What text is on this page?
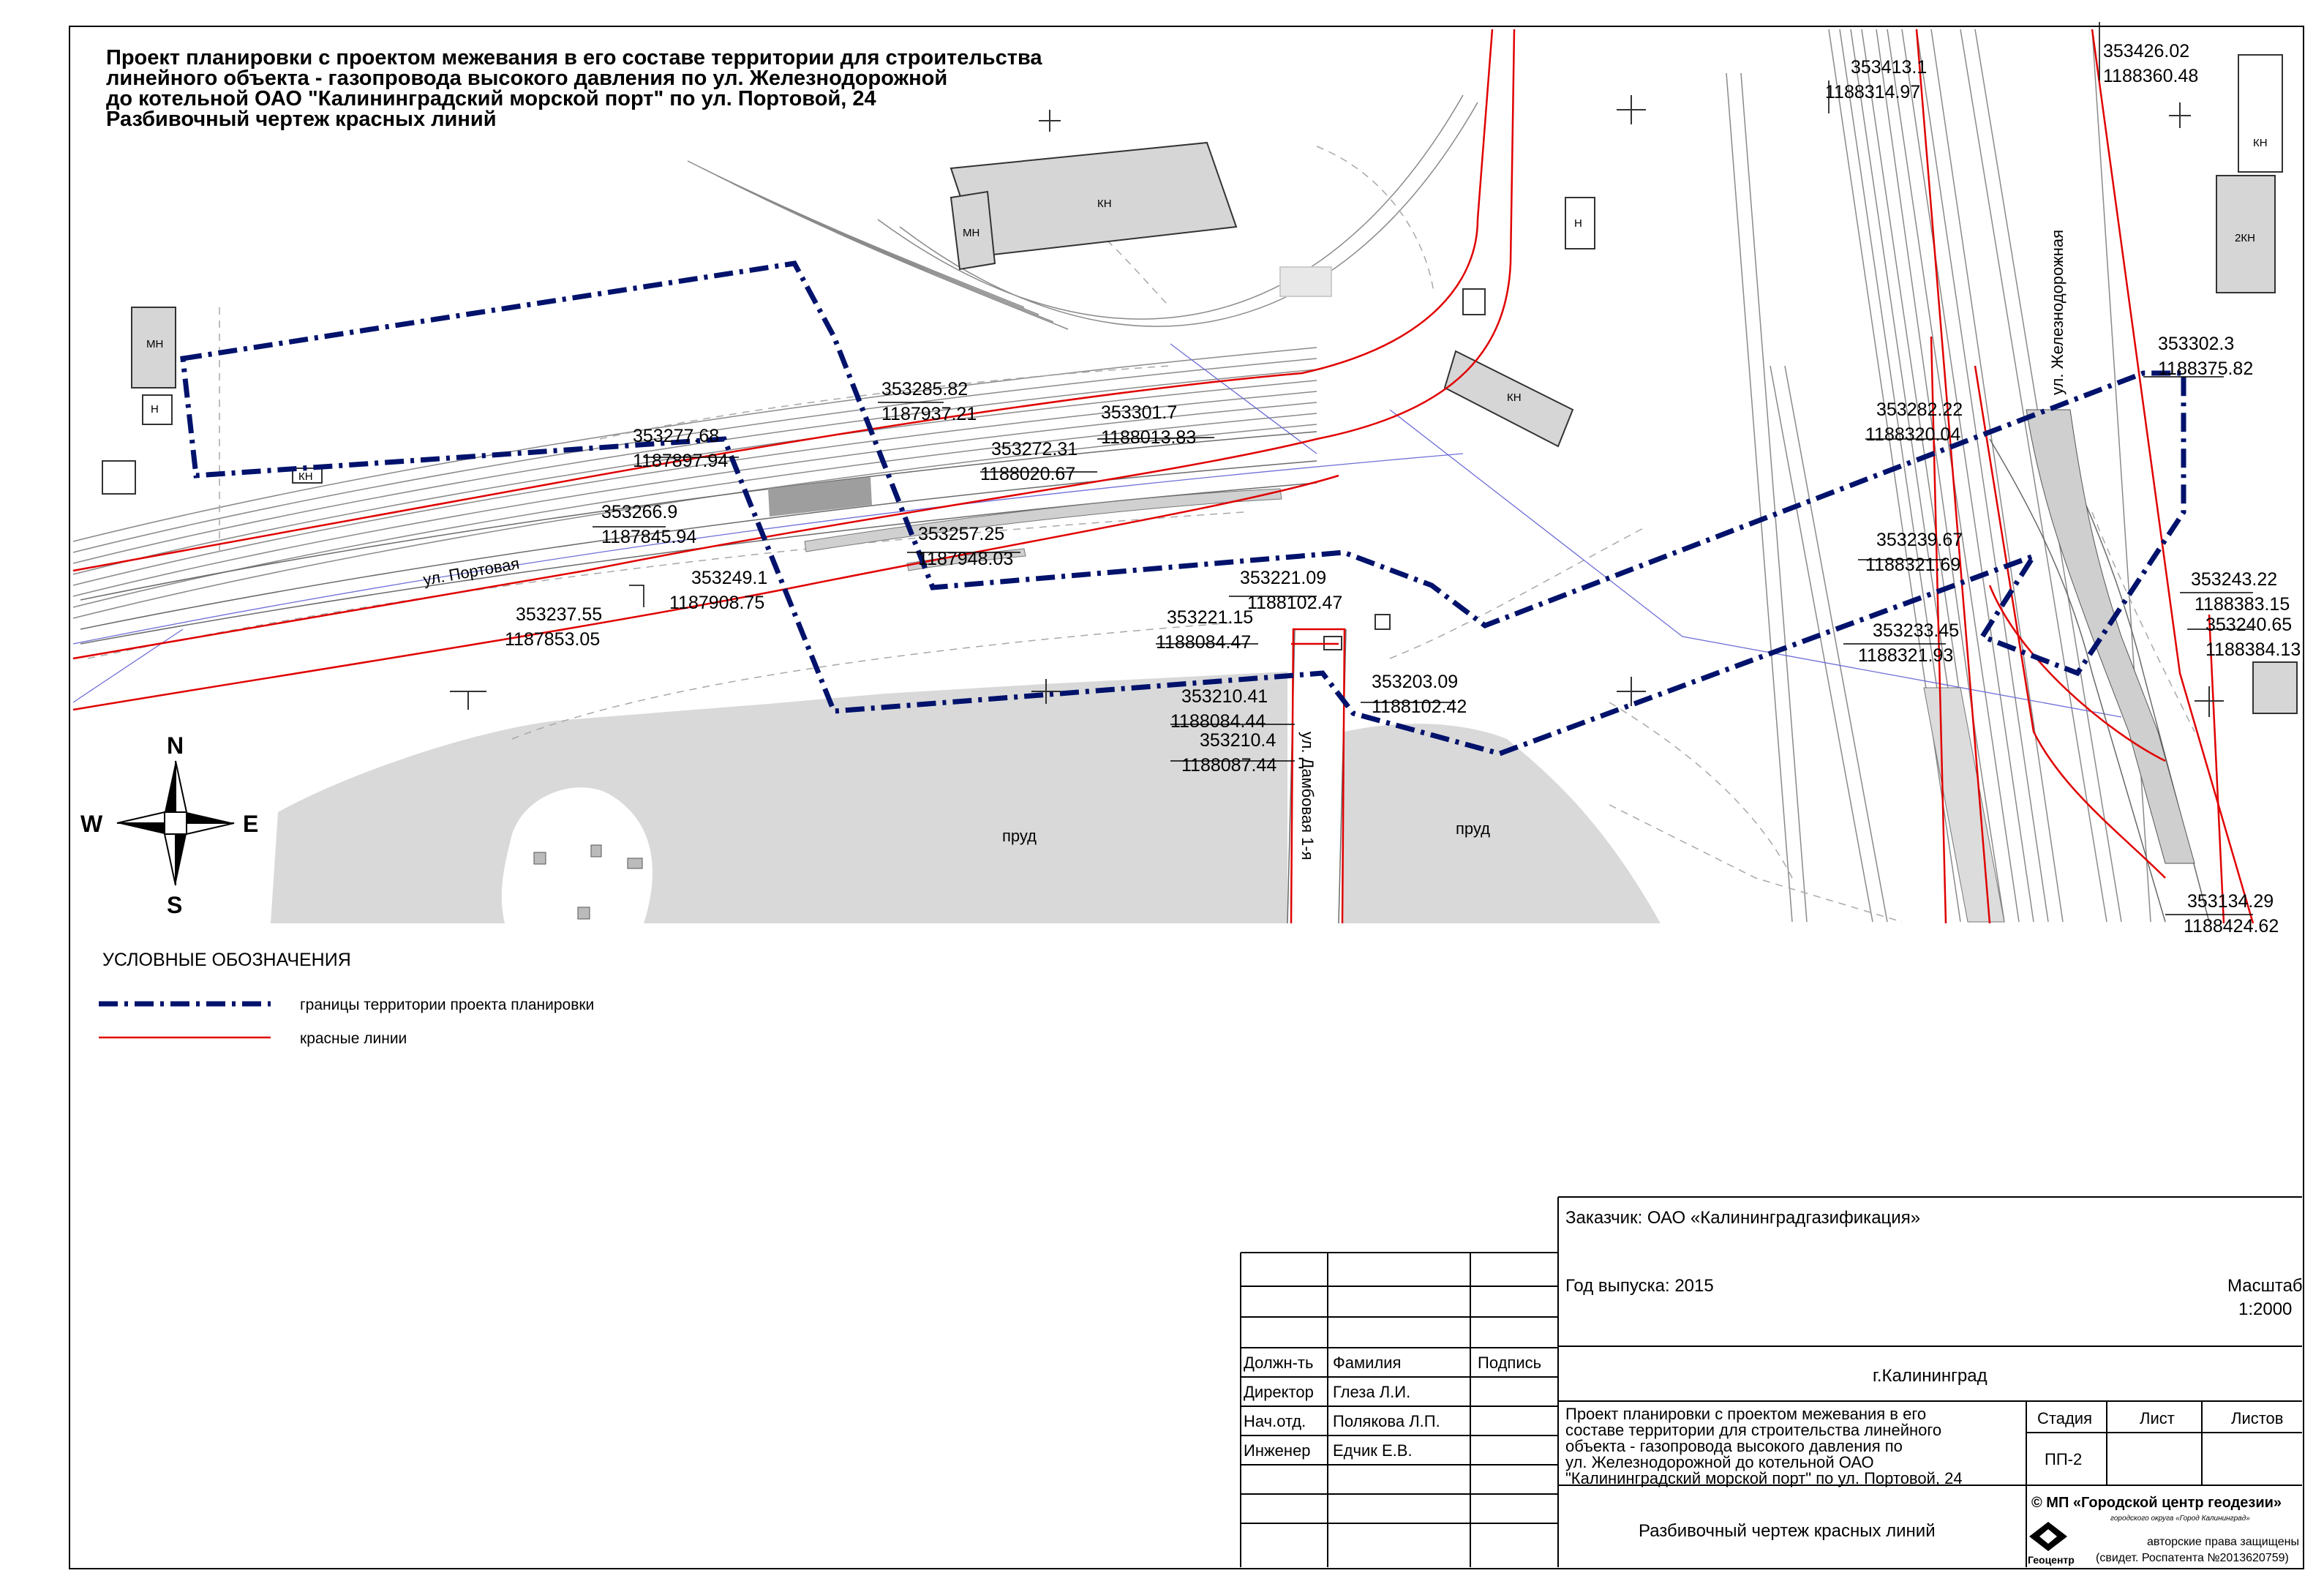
КН
МН
МН
Н
КН
Н
КН
2КН
КН
ул. Портовая
ул. Железнодорожная
ул. Дамбовая 1-я
пруд	пруд
Проект планировки с проектом межевания в его составе территории для строительства
линейного объекта - газопровода высокого давления по ул. Железнодорожной
до котельной ОАО "Калининградский морской порт" по ул. Портовой, 24
Разбивочный чертеж красных линий
353413.1
1188314.97
353426.02
1188360.48
353285.82
1187937.21	353301.7
1188013.83
353277.68
1187897.94
353272.31
1188020.67
353266.9
1187845.94	353257.25
1187948.03
353249.1
1187908.75
353237.55
1187853.05
353221.09
1188102.47
353221.15
1188084.47
353210.41
1188084.44
353210.4
1188087.44
353203.09
1188102.42
353282.22
1188320.04
353239.67
1188321.69
353233.45
1188321.93
353302.3
1188375.82
353243.22
1188383.15
353240.65
1188384.13
353134.29
1188424.62
N
S
W	E
УСЛОВНЫЕ ОБОЗНАЧЕНИЯ
границы территории проекта планировки
красные линии
Заказчик: ОАО «Калининградгазификация»
Год выпуска: 2015	Масштаб
1:2000
Должн-ть Фамилия	Подпись
Директор Глеза Л.И.
Нач.отд. Полякова Л.П.
Инженер Едчик Е.В.
г.Калининград
Проект планировки с проектом межевания в его
составе территории для строительства линейного
объекта - газопровода высокого давления по
ул. Железнодорожной до котельной ОАО
"Калининградский морской порт" по ул. Портовой, 24
Стадия	Лист	Листов
ПП-2
Разбивочный чертеж красных линий
© МП «Городской центр геодезии»
городского округа «Город Калининград»
Геоцентр
авторские права защищены
(свидет. Роспатента №2013620759)
